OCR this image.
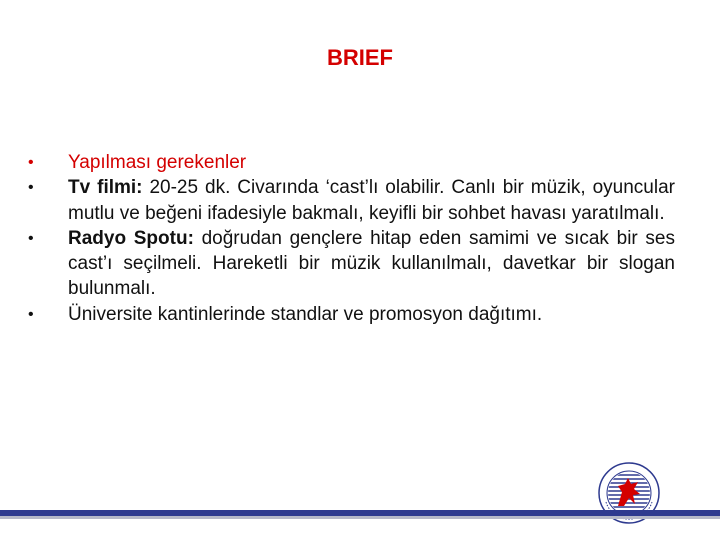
BRIEF
• Yapılması gerekenler
• Tv filmi: 20-25 dk. Civarında ‘cast’lı olabilir. Canlı bir müzik, oyuncular mutlu ve beğeni ifadesiyle bakmalı, keyifli bir sohbet havası yaratılmalı.
• Radyo Spotu: doğrudan gençlere hitap eden samimi ve sıcak bir ses cast’ı seçilmeli. Hareketli bir müzik kullanılmalı, davetkar bir slogan bulunmalı.
• Üniversite kantinlerinde standlar ve promosyon dağıtımı.
